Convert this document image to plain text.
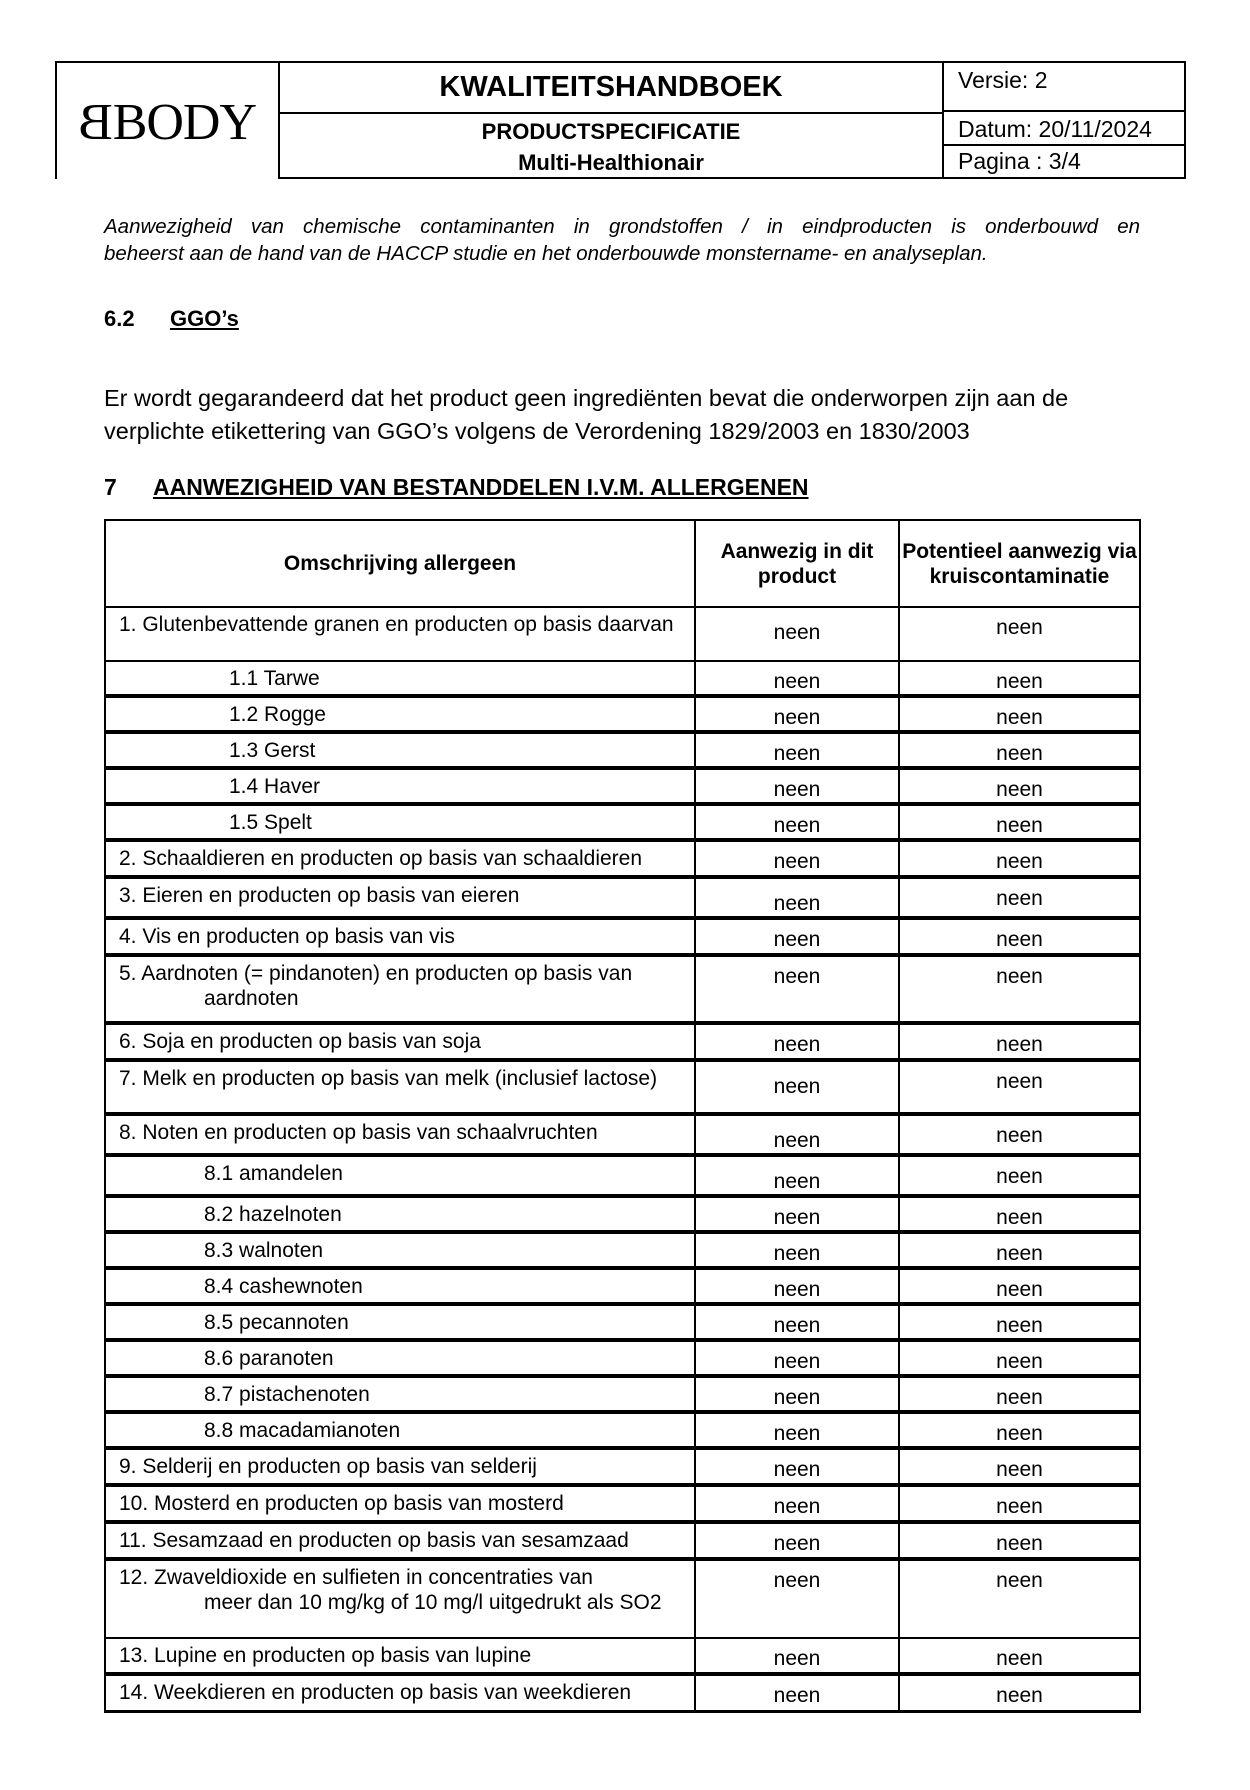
BBODY
KWALITEITSHANDBOEK
PRODUCTSPECIFICATIE
Multi-Healthionair
Versie: 2
Datum: 20/11/2024
Pagina : 3/4
Aanwezigheid van chemische contaminanten in grondstoffen / in eindproducten is onderbouwd en
beheerst aan de hand van de HACCP studie en het onderbouwde monstername- en analyseplan.
6.2 GGO’s
Er wordt gegarandeerd dat het product geen ingrediënten bevat die onderworpen zijn aan de verplichte etikettering van GGO’s volgens de Verordening 1829/2003 en 1830/2003
7 AANWEZIGHEID VAN BESTANDDELEN I.V.M. ALLERGENEN
Omschrijving allergeen	Aanwezig in dit product	Potentieel aanwezig via kruiscontaminatie
1. Glutenbevattende granen en producten op basis daarvan	neen	neen
1.1 Tarwe	neen	neen
1.2 Rogge	neen	neen
1.3 Gerst	neen	neen
1.4 Haver	neen	neen
1.5 Spelt	neen	neen
2. Schaaldieren en producten op basis van schaaldieren	neen	neen
3. Eieren en producten op basis van eieren	neen	neen
4. Vis en producten op basis van vis	neen	neen
5. Aardnoten (= pindanoten) en producten op basis van
aardnoten	neen	neen
6. Soja en producten op basis van soja	neen	neen
7. Melk en producten op basis van melk (inclusief lactose)	neen	neen
8. Noten en producten op basis van schaalvruchten	neen	neen
8.1 amandelen	neen	neen
8.2 hazelnoten	neen	neen
8.3 walnoten	neen	neen
8.4 cashewnoten	neen	neen
8.5 pecannoten	neen	neen
8.6 paranoten	neen	neen
8.7 pistachenoten	neen	neen
8.8 macadamianoten	neen	neen
9. Selderij en producten op basis van selderij	neen	neen
10. Mosterd en producten op basis van mosterd	neen	neen
11. Sesamzaad en producten op basis van sesamzaad	neen	neen
12. Zwaveldioxide en sulfieten in concentraties van
meer dan 10 mg/kg of 10 mg/l uitgedrukt als SO2	neen	neen
13. Lupine en producten op basis van lupine	neen	neen
14. Weekdieren en producten op basis van weekdieren	neen	neen
